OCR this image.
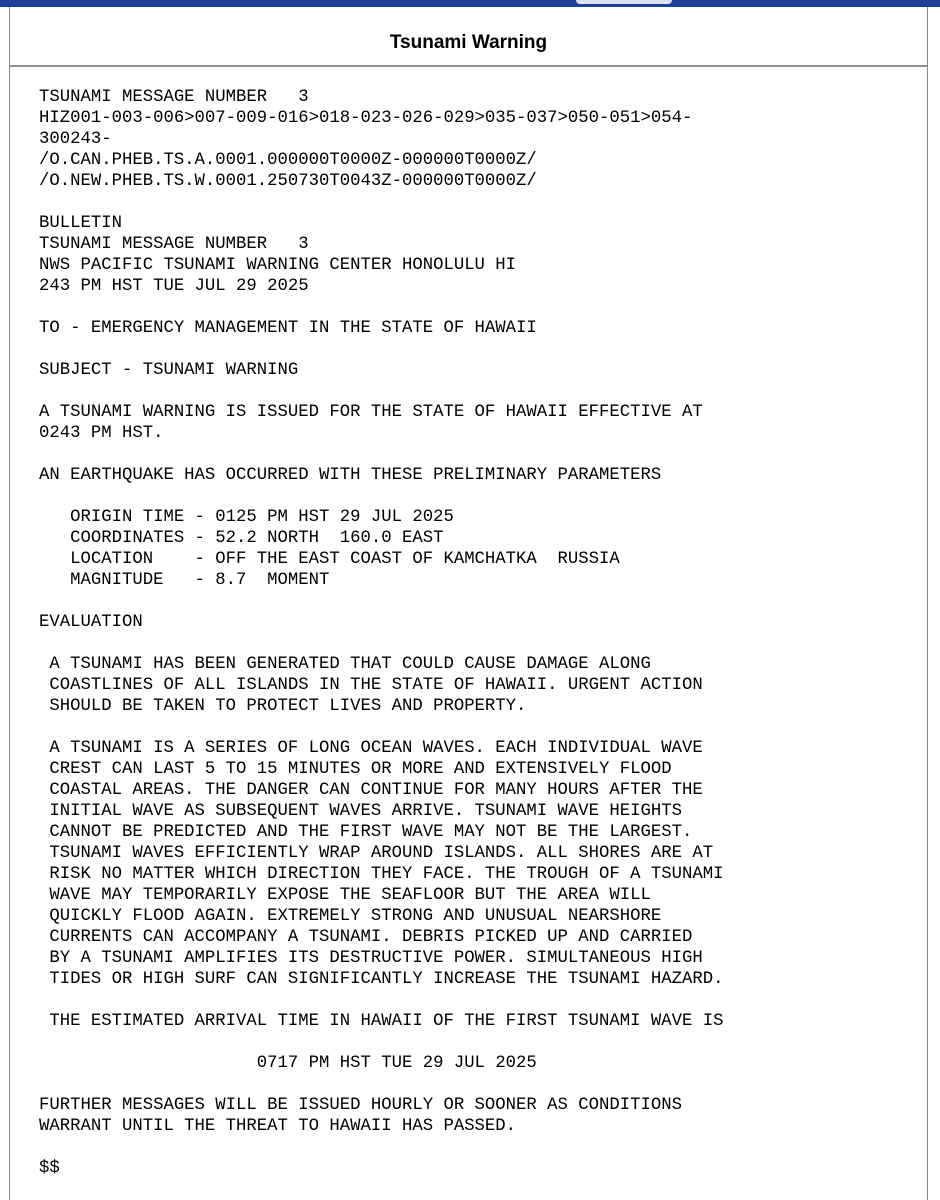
Tsunami Warning
TSUNAMI MESSAGE NUMBER   3
HIZ001-003-006>007-009-016>018-023-026-029>035-037>050-051>054-
300243-
/O.CAN.PHEB.TS.A.0001.000000T0000Z-000000T0000Z/
/O.NEW.PHEB.TS.W.0001.250730T0043Z-000000T0000Z/

BULLETIN
TSUNAMI MESSAGE NUMBER   3
NWS PACIFIC TSUNAMI WARNING CENTER HONOLULU HI
243 PM HST TUE JUL 29 2025

TO - EMERGENCY MANAGEMENT IN THE STATE OF HAWAII

SUBJECT - TSUNAMI WARNING

A TSUNAMI WARNING IS ISSUED FOR THE STATE OF HAWAII EFFECTIVE AT
0243 PM HST.

AN EARTHQUAKE HAS OCCURRED WITH THESE PRELIMINARY PARAMETERS

ORIGIN TIME - 0125 PM HST 29 JUL 2025
COORDINATES - 52.2 NORTH  160.0 EAST
LOCATION    - OFF THE EAST COAST OF KAMCHATKA  RUSSIA
MAGNITUDE   - 8.7  MOMENT

EVALUATION

A TSUNAMI HAS BEEN GENERATED THAT COULD CAUSE DAMAGE ALONG
COASTLINES OF ALL ISLANDS IN THE STATE OF HAWAII. URGENT ACTION
SHOULD BE TAKEN TO PROTECT LIVES AND PROPERTY.

A TSUNAMI IS A SERIES OF LONG OCEAN WAVES. EACH INDIVIDUAL WAVE
CREST CAN LAST 5 TO 15 MINUTES OR MORE AND EXTENSIVELY FLOOD
COASTAL AREAS. THE DANGER CAN CONTINUE FOR MANY HOURS AFTER THE
INITIAL WAVE AS SUBSEQUENT WAVES ARRIVE. TSUNAMI WAVE HEIGHTS
CANNOT BE PREDICTED AND THE FIRST WAVE MAY NOT BE THE LARGEST.
TSUNAMI WAVES EFFICIENTLY WRAP AROUND ISLANDS. ALL SHORES ARE AT
RISK NO MATTER WHICH DIRECTION THEY FACE. THE TROUGH OF A TSUNAMI
WAVE MAY TEMPORARILY EXPOSE THE SEAFLOOR BUT THE AREA WILL
QUICKLY FLOOD AGAIN. EXTREMELY STRONG AND UNUSUAL NEARSHORE
CURRENTS CAN ACCOMPANY A TSUNAMI. DEBRIS PICKED UP AND CARRIED
BY A TSUNAMI AMPLIFIES ITS DESTRUCTIVE POWER. SIMULTANEOUS HIGH
TIDES OR HIGH SURF CAN SIGNIFICANTLY INCREASE THE TSUNAMI HAZARD.

THE ESTIMATED ARRIVAL TIME IN HAWAII OF THE FIRST TSUNAMI WAVE IS

0717 PM HST TUE 29 JUL 2025

FURTHER MESSAGES WILL BE ISSUED HOURLY OR SOONER AS CONDITIONS
WARRANT UNTIL THE THREAT TO HAWAII HAS PASSED.

$$
